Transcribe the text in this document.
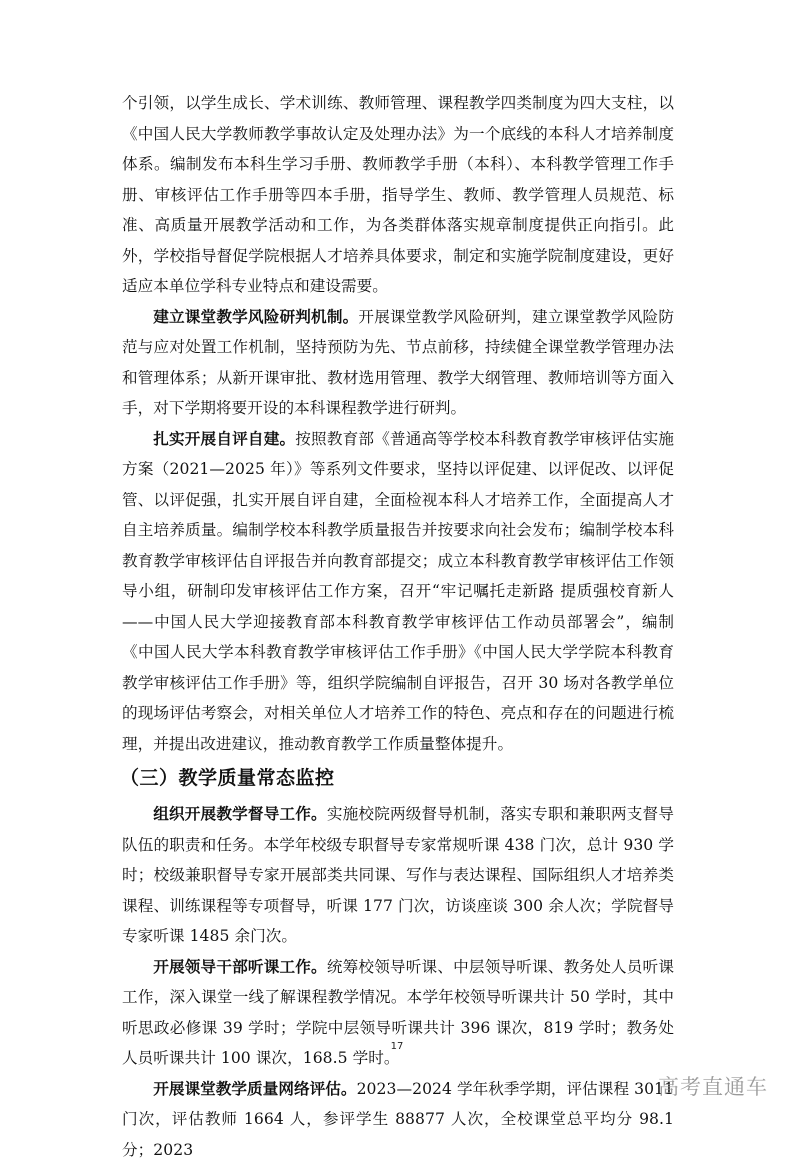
个引领，以学生成长、学术训练、教师管理、课程教学四类制度为四大支柱，以《中国人民大学教师教学事故认定及处理办法》为一个底线的本科人才培养制度体系。编制发布本科生学习手册、教师教学手册（本科）、本科教学管理工作手册、审核评估工作手册等四本手册，指导学生、教师、教学管理人员规范、标准、高质量开展教学活动和工作，为各类群体落实规章制度提供正向指引。此外，学校指导督促学院根据人才培养具体要求，制定和实施学院制度建设，更好适应本单位学科专业特点和建设需要。

建立课堂教学风险研判机制。开展课堂教学风险研判，建立课堂教学风险防范与应对处置工作机制，坚持预防为先、节点前移，持续健全课堂教学管理办法和管理体系；从新开课审批、教材选用管理、教学大纲管理、教师培训等方面入手，对下学期将要开设的本科课程教学进行研判。

扎实开展自评自建。按照教育部《普通高等学校本科教育教学审核评估实施方案（2021—2025 年）》等系列文件要求，坚持以评促建、以评促改、以评促管、以评促强，扎实开展自评自建，全面检视本科人才培养工作，全面提高人才自主培养质量。编制学校本科教学质量报告并按要求向社会发布；编制学校本科教育教学审核评估自评报告并向教育部提交；成立本科教育教学审核评估工作领导小组，研制印发审核评估工作方案，召开“牢记嘱托走新路 提质强校育新人——中国人民大学迎接教育部本科教育教学审核评估工作动员部署会”，编制《中国人民大学本科教育教学审核评估工作手册》《中国人民大学学院本科教育教学审核评估工作手册》等，组织学院编制自评报告，召开 30 场对各教学单位的现场评估考察会，对相关单位人才培养工作的特色、亮点和存在的问题进行梳理，并提出改进建议，推动教育教学工作质量整体提升。

（三）教学质量常态监控

组织开展教学督导工作。实施校院两级督导机制，落实专职和兼职两支督导队伍的职责和任务。本学年校级专职督导专家常规听课 438 门次，总计 930 学时；校级兼职督导专家开展部类共同课、写作与表达课程、国际组织人才培养类课程、训练课程等专项督导，听课 177 门次，访谈座谈 300 余人次；学院督导专家听课 1485 余门次。

开展领导干部听课工作。统筹校领导听课、中层领导听课、教务处人员听课工作，深入课堂一线了解课程教学情况。本学年校领导听课共计 50 学时，其中听思政必修课 39 学时；学院中层领导听课共计 396 课次，819 学时；教务处人员听课共计 100 课次，168.5 学时。

开展课堂教学质量网络评估。2023—2024 学年秋季学期，评估课程 3011 门次，评估教师 1664 人，参评学生 88877 人次，全校课堂总平均分 98.1 分；2023

17
高考直通车
